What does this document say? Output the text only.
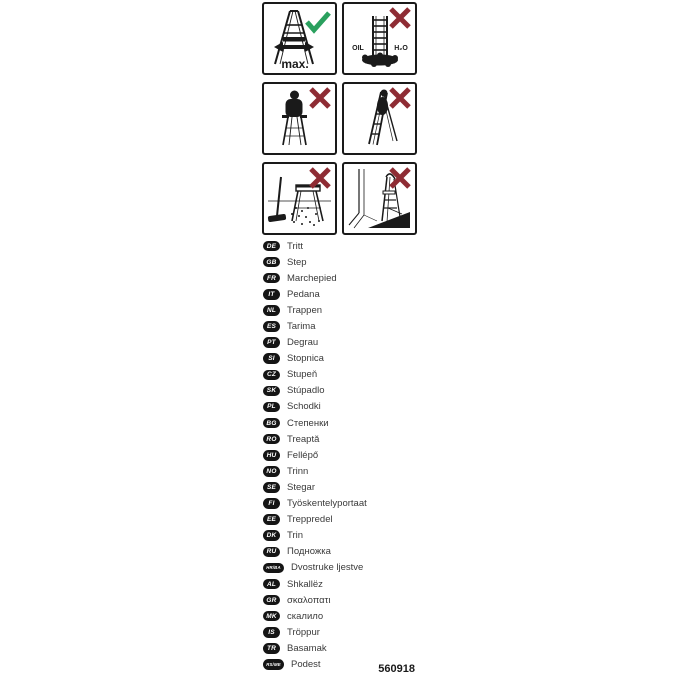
max.
OIL	H₂O
DE	Tritt
GB	Step
FR	Marchepied
IT	Pedana
NL	Trappen
ES	Tarima
PT	Degrau
SI	Stopnica
CZ	Stupeň
SK	Stúpadlo
PL	Schodki
BG	Степенки
RO	Treaptă
HU	Fellépő
NO	Trinn
SE	Stegar
FI	Työskentelyportaat
EE	Treppredel
DK	Trin
RU	Подножка
HR/BA	Dvostruke ljestve
AL	Shkallëz
GR	σκαλοπατι
MK	скалило
IS	Tröppur
TR	Basamak
RS/ME	Podest	560918
